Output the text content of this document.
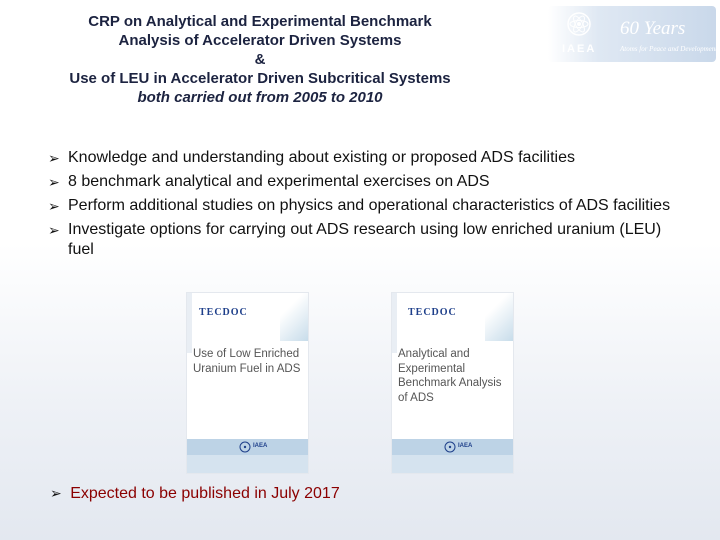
CRP on Analytical and Experimental Benchmark
Analysis of Accelerator Driven Systems
&
Use of LEU in Accelerator Driven Subcritical Systems
both carried out from 2005 to 2010
IAEA
60 Years
Atoms for Peace and Development
➢ Knowledge and understanding about existing or proposed ADS facilities
➢ 8 benchmark analytical and experimental exercises on ADS
➢ Perform additional studies on physics and operational characteristics of ADS facilities
➢ Investigate options for carrying out ADS research using low enriched uranium (LEU) fuel
TECDOC
Use of Low Enriched Uranium Fuel in ADS
IAEA
TECDOC
Analytical and Experimental Benchmark Analysis of ADS
IAEA
➢ Expected to be published in July 2017
